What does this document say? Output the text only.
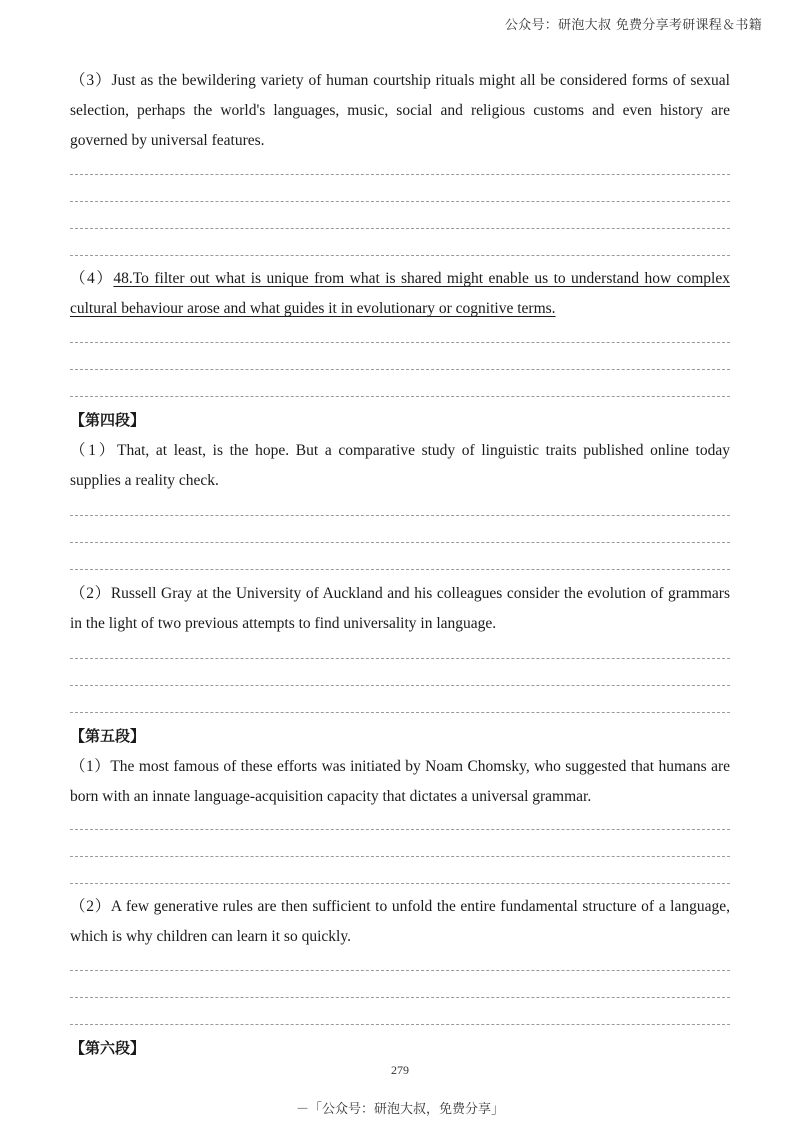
公众号：研泡大叔 免费分享考研课程＆书籍
（3）Just as the bewildering variety of human courtship rituals might all be considered forms of sexual selection, perhaps the world's languages, music, social and religious customs and even history are governed by universal features.
（4）48.To filter out what is unique from what is shared might enable us to understand how complex cultural behaviour arose and what guides it in evolutionary or cognitive terms.
【第四段】
（1）That, at least, is the hope. But a comparative study of linguistic traits published online today supplies a reality check.
（2）Russell Gray at the University of Auckland and his colleagues consider the evolution of grammars in the light of two previous attempts to find universality in language.
【第五段】
（1）The most famous of these efforts was initiated by Noam Chomsky, who suggested that humans are born with an innate language-acquisition capacity that dictates a universal grammar.
（2）A few generative rules are then sufficient to unfold the entire fundamental structure of a language, which is why children can learn it so quickly.
【第六段】
279
－「公众号：研泡大叔，免费分享」
